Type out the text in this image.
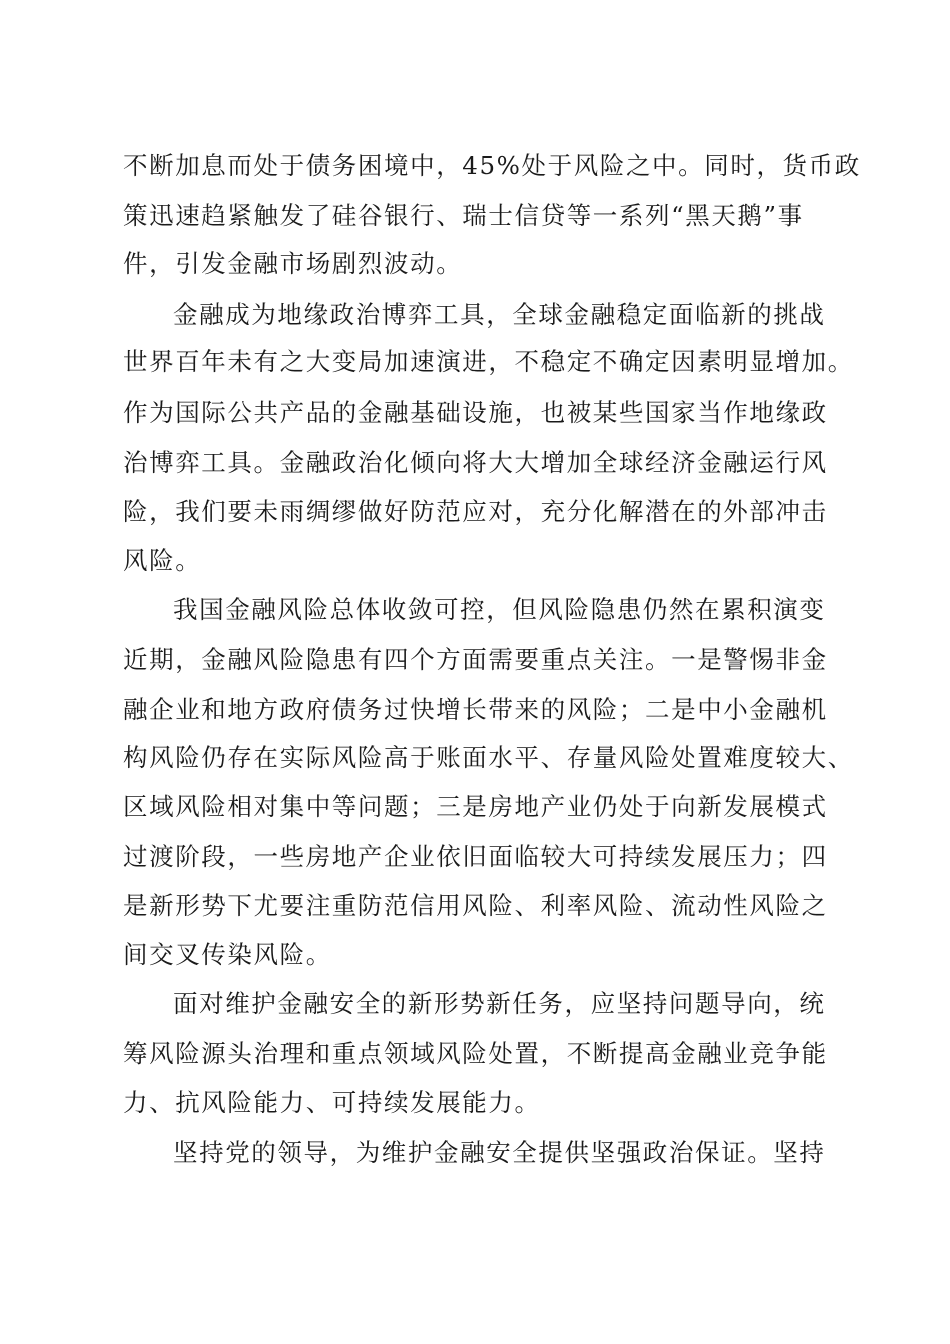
不断加息而处于债务困境中，45%处于风险之中。同时，货币政
策迅速趋紧触发了硅谷银行、瑞士信贷等一系列“黑天鹅”事
件，引发金融市场剧烈波动。
金融成为地缘政治博弈工具，全球金融稳定面临新的挑战
世界百年未有之大变局加速演进，不稳定不确定因素明显增加。
作为国际公共产品的金融基础设施，也被某些国家当作地缘政
治博弈工具。金融政治化倾向将大大增加全球经济金融运行风
险，我们要未雨绸缪做好防范应对，充分化解潜在的外部冲击
风险。
我国金融风险总体收敛可控，但风险隐患仍然在累积演变
近期，金融风险隐患有四个方面需要重点关注。一是警惕非金
融企业和地方政府债务过快增长带来的风险；二是中小金融机
构风险仍存在实际风险高于账面水平、存量风险处置难度较大、
区域风险相对集中等问题；三是房地产业仍处于向新发展模式
过渡阶段，一些房地产企业依旧面临较大可持续发展压力；四
是新形势下尤要注重防范信用风险、利率风险、流动性风险之
间交叉传染风险。
面对维护金融安全的新形势新任务，应坚持问题导向，统
筹风险源头治理和重点领域风险处置，不断提高金融业竞争能
力、抗风险能力、可持续发展能力。
坚持党的领导，为维护金融安全提供坚强政治保证。坚持
